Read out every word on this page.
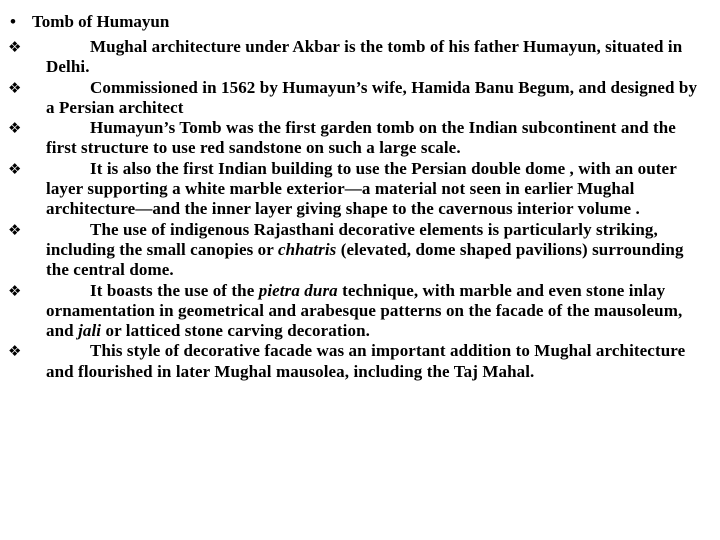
• Tomb of Humayun
❖	Mughal architecture under Akbar is the tomb of his father Humayun, situated in Delhi.
❖	Commissioned in 1562 by Humayun’s wife, Hamida Banu Begum, and designed by a Persian architect
❖	Humayun’s Tomb was the first garden tomb on the Indian subcontinent and the first structure to use red sandstone on such a large scale.
❖	It is also the first Indian building to use the Persian double dome , with an outer layer supporting a white marble exterior—a material not seen in earlier Mughal architecture—and the inner layer giving shape to the cavernous interior volume .
❖	The use of indigenous Rajasthani decorative elements is particularly striking, including the small canopies or chhatris (elevated, dome shaped pavilions) surrounding the central dome.
❖	It boasts the use of the pietra dura technique, with marble and even stone inlay ornamentation in geometrical and arabesque patterns on the facade of the mausoleum, and jali or latticed stone carving decoration.
❖	This style of decorative facade was an important addition to Mughal architecture and flourished in later Mughal mausolea, including the Taj Mahal.
